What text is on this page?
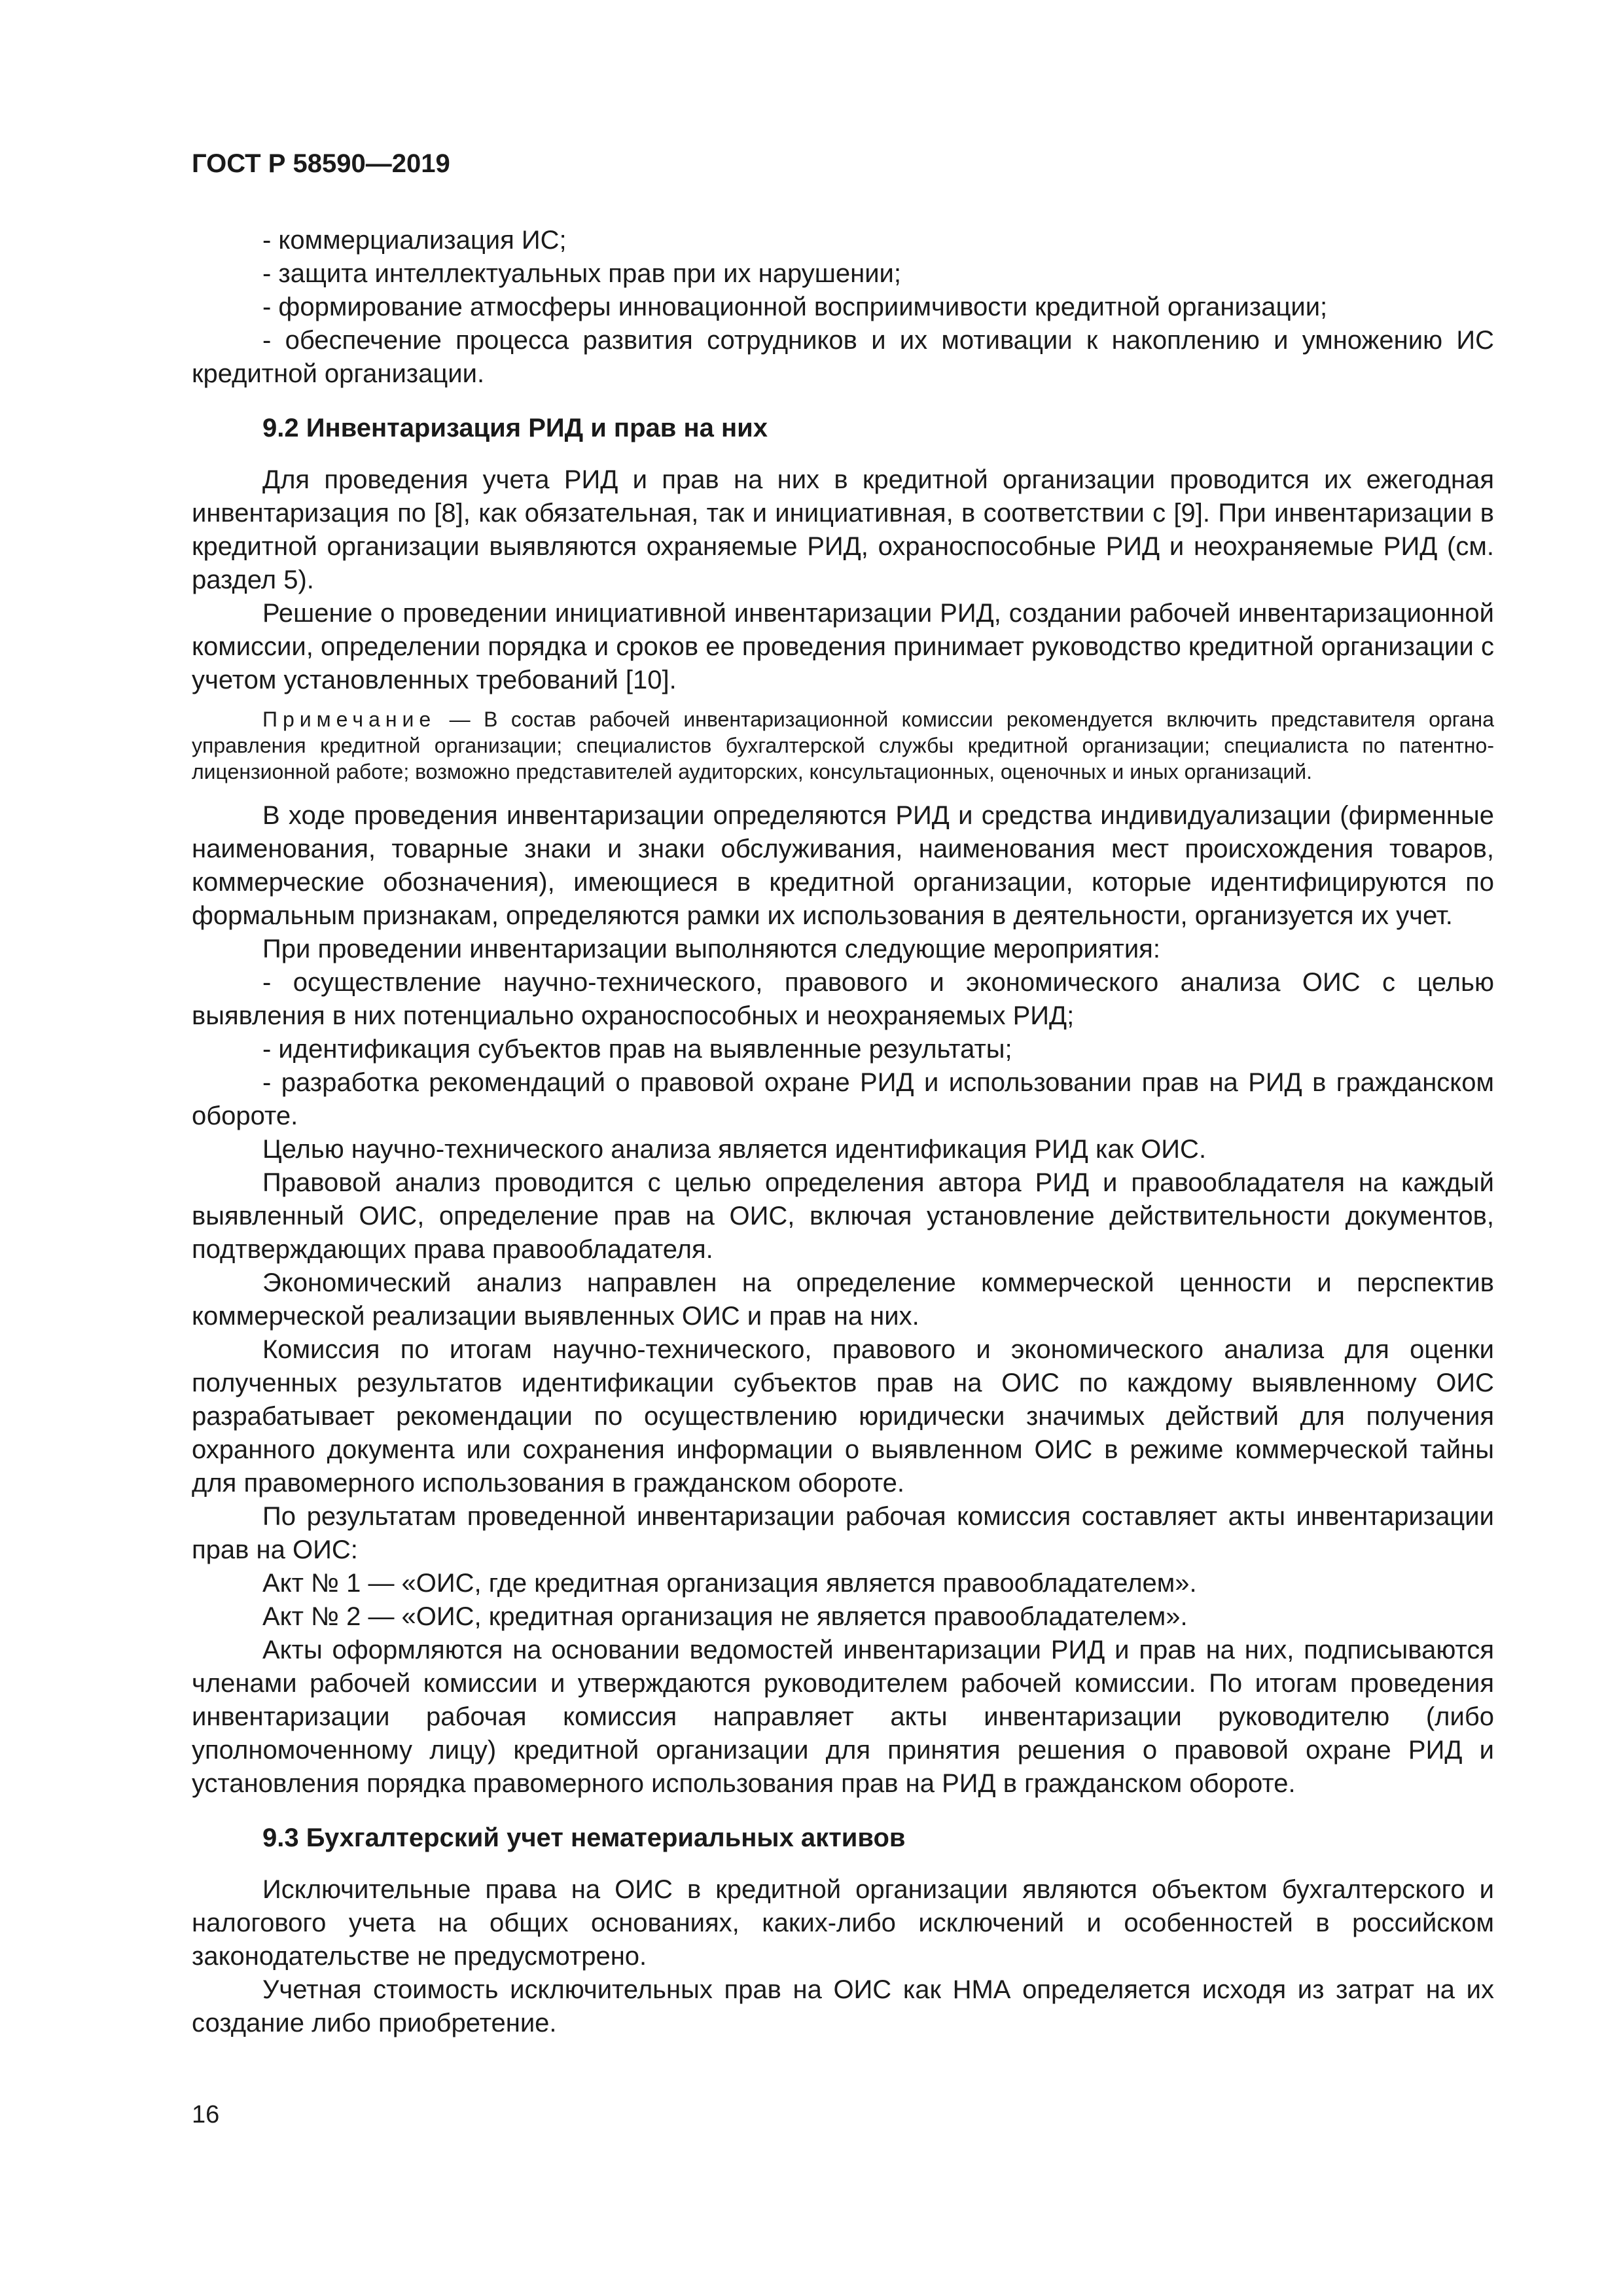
ГОСТ Р 58590—2019

- коммерциализация ИС;

- защита интеллектуальных прав при их нарушении;

- формирование атмосферы инновационной восприимчивости кредитной организации;

- обеспечение процесса развития сотрудников и их мотивации к накоплению и умножению ИС кредитной организации.

9.2 Инвентаризация РИД и прав на них

Для проведения учета РИД и прав на них в кредитной организации проводится их ежегодная инвентаризация по [8], как обязательная, так и инициативная, в соответствии с [9]. При инвентаризации в кредитной организации выявляются охраняемые РИД, охраноспособные РИД и неохраняемые РИД (см. раздел 5).

Решение о проведении инициативной инвентаризации РИД, создании рабочей инвентаризационной комиссии, определении порядка и сроков ее проведения принимает руководство кредитной организации с учетом установленных требований [10].

Примечание — В состав рабочей инвентаризационной комиссии рекомендуется включить представителя органа управления кредитной организации; специалистов бухгалтерской службы кредитной организации; специалиста по патентно-лицензионной работе; возможно представителей аудиторских, консультационных, оценочных и иных организаций.

В ходе проведения инвентаризации определяются РИД и средства индивидуализации (фирменные наименования, товарные знаки и знаки обслуживания, наименования мест происхождения товаров, коммерческие обозначения), имеющиеся в кредитной организации, которые идентифицируются по формальным признакам, определяются рамки их использования в деятельности, организуется их учет.

При проведении инвентаризации выполняются следующие мероприятия:

- осуществление научно-технического, правового и экономического анализа ОИС с целью выявления в них потенциально охраноспособных и неохраняемых РИД;

- идентификация субъектов прав на выявленные результаты;

- разработка рекомендаций о правовой охране РИД и использовании прав на РИД в гражданском обороте.

Целью научно-технического анализа является идентификация РИД как ОИС.

Правовой анализ проводится с целью определения автора РИД и правообладателя на каждый выявленный ОИС, определение прав на ОИС, включая установление действительности документов, подтверждающих права правообладателя.

Экономический анализ направлен на определение коммерческой ценности и перспектив коммерческой реализации выявленных ОИС и прав на них.

Комиссия по итогам научно-технического, правового и экономического анализа для оценки полученных результатов идентификации субъектов прав на ОИС по каждому выявленному ОИС разрабатывает рекомендации по осуществлению юридически значимых действий для получения охранного документа или сохранения информации о выявленном ОИС в режиме коммерческой тайны для правомерного использования в гражданском обороте.

По результатам проведенной инвентаризации рабочая комиссия составляет акты инвентаризации прав на ОИС:

Акт № 1 — «ОИС, где кредитная организация является правообладателем».

Акт № 2 — «ОИС, кредитная организация не является правообладателем».

Акты оформляются на основании ведомостей инвентаризации РИД и прав на них, подписываются членами рабочей комиссии и утверждаются руководителем рабочей комиссии. По итогам проведения инвентаризации рабочая комиссия направляет акты инвентаризации руководителю (либо уполномоченному лицу) кредитной организации для принятия решения о правовой охране РИД и установления порядка правомерного использования прав на РИД в гражданском обороте.

9.3 Бухгалтерский учет нематериальных активов

Исключительные права на ОИС в кредитной организации являются объектом бухгалтерского и налогового учета на общих основаниях, каких-либо исключений и особенностей в российском законодательстве не предусмотрено.

Учетная стоимость исключительных прав на ОИС как НМА определяется исходя из затрат на их создание либо приобретение.

16
